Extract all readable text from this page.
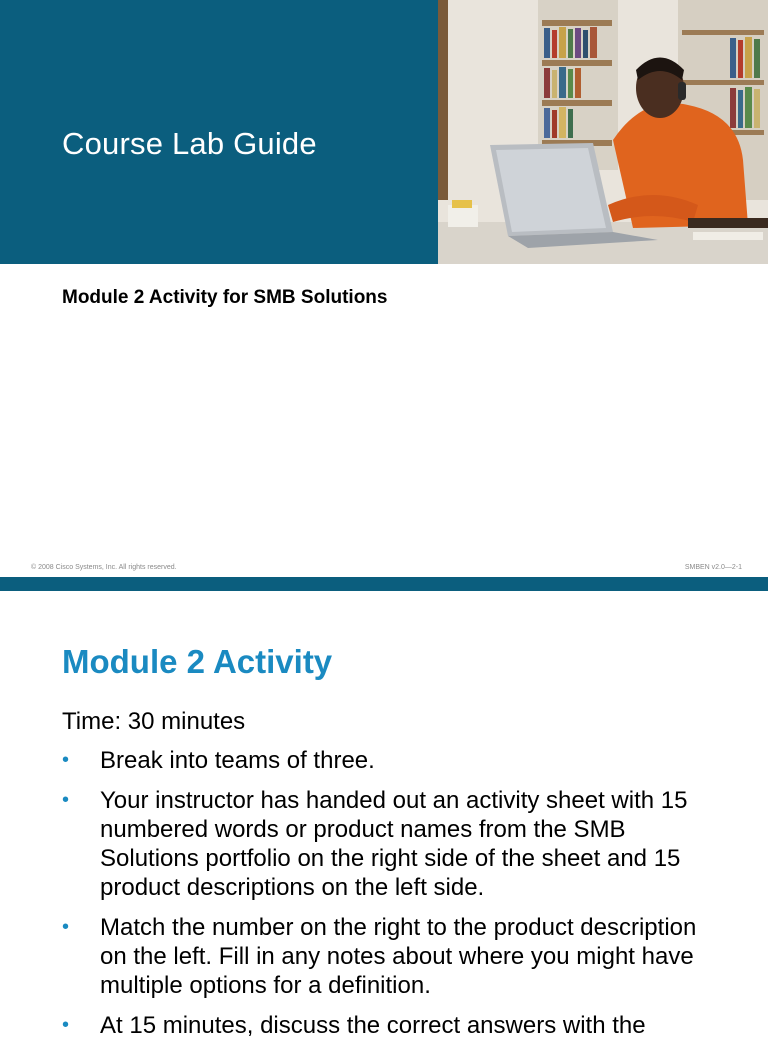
Course Lab Guide
Module 2 Activity for SMB Solutions
© 2008 Cisco Systems, Inc. All rights reserved.	SMBEN v2.0—2-1
Module 2 Activity
Time: 30 minutes
• Break into teams of three.
• Your instructor has handed out an activity sheet with 15 numbered words or product names from the SMB Solutions portfolio on the right side of the sheet and 15 product descriptions on the left side.
• Match the number on the right to the product description on the left. Fill in any notes about where you might have multiple options for a definition.
• At 15 minutes, discuss the correct answers with the
